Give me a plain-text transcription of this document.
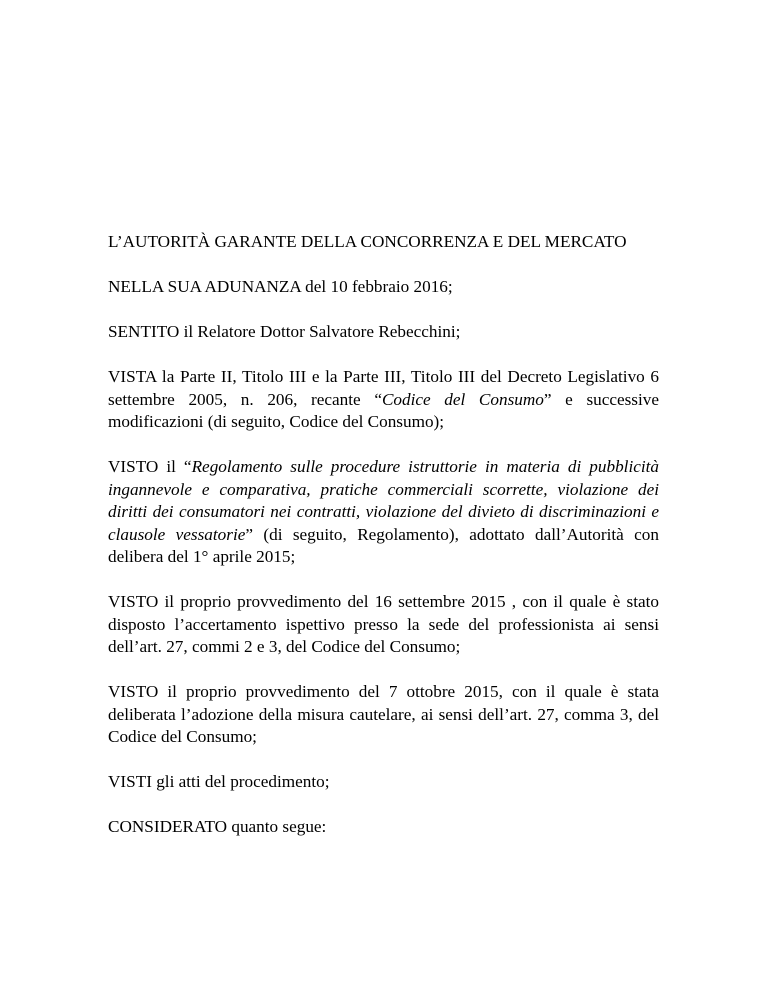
L’AUTORITÀ GARANTE DELLA CONCORRENZA E DEL MERCATO

NELLA SUA ADUNANZA del 10 febbraio 2016;

SENTITO il Relatore Dottor Salvatore Rebecchini;

VISTA la Parte II, Titolo III e la Parte III, Titolo III del Decreto Legislativo 6 settembre 2005, n. 206, recante “Codice del Consumo” e successive modificazioni (di seguito, Codice del Consumo);

VISTO il “Regolamento sulle procedure istruttorie in materia di pubblicità ingannevole e comparativa, pratiche commerciali scorrette, violazione dei diritti dei consumatori nei contratti, violazione del divieto di discriminazioni e clausole vessatorie” (di seguito, Regolamento), adottato dall’Autorità con delibera del 1° aprile 2015;

VISTO il proprio provvedimento del 16 settembre 2015 , con il quale è stato disposto l’accertamento ispettivo presso la sede del professionista ai sensi dell’art. 27, commi 2 e 3, del Codice del Consumo;

VISTO il proprio provvedimento del 7 ottobre 2015, con il quale è stata deliberata l’adozione della misura cautelare, ai sensi dell’art. 27, comma 3, del Codice del Consumo;

VISTI gli atti del procedimento;

CONSIDERATO quanto segue:
